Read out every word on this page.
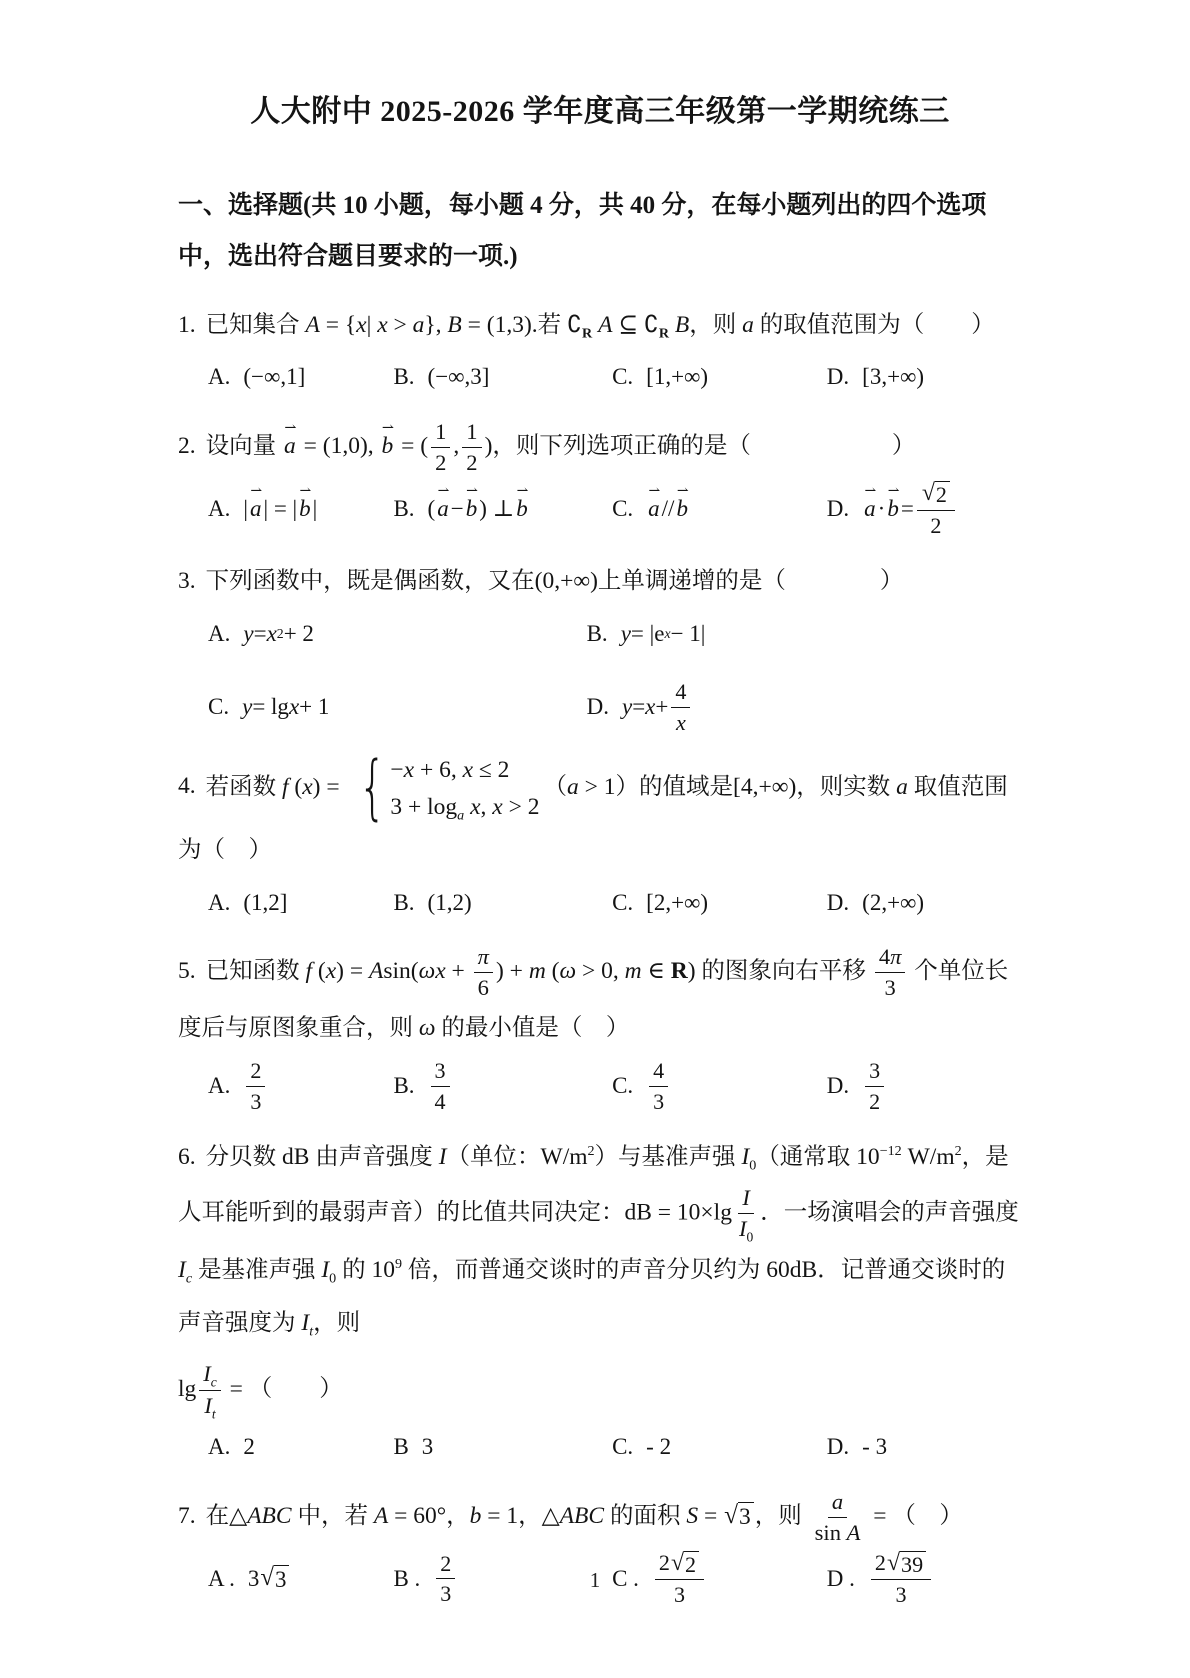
人大附中 2025-2026 学年度高三年级第一学期统练三
一、选择题(共 10 小题，每小题 4 分，共 40 分，在每小题列出的四个选项中，选出符合题目要求的一项.)
1. 已知集合 A = {x| x > a}, B = (1,3).若 $∁_R$ A ⊆ $∁_R$ B，则 a 的取值范围为（　　）
A. (−∞,1]	B. (−∞,3]	C. [1,+∞)	D. [3,+∞)
2. 设向量
⇀
a = (1,0),
⇀
b = ( $\frac{1}{2}$ , $\frac{1}{2}$ )，则下列选项正确的是（　　　　　　）
A. |
⇀
a | = |
⇀
b |	B. (
⇀
a −
⇀
b ) ⊥
⇀
b	C.
⇀
a //
⇀
b	D.
⇀
a ·
⇀
$b = \frac{√ 2}{2}$
3. 下列函数中，既是偶函数，又在(0,+∞)上单调递增的是（　　　　）
A. y = x 2 + 2	B. y = |e x − 1|
C. y = lg x + 1	D. $y = x + \frac{4}{x}$
4. 若函数 f (x) = { −x + 6, x ≤ 2
$3 + \log_a x$, x > 2
（a > 1）的值域是[4,+∞)，则实数 a 取值范围为（　）
A. (1,2]	B. (1,2)	C. [2,+∞)	D. (2,+∞)
5. 已知函数 f $(x) = Asin(\omega x + \frac{\pi}{6}$ ) + m (ω > 0, m ∈ R) 的图象向右平移 $\frac{4\pi}{3}$ 个单位长度后与原图象重合，则 ω 的最小值是（　）
A. $\frac{2}{3}$	B. $\frac{3}{4}$	C. $\frac{4}{3}$	D. $\frac{3}{2}$
6. 分贝数 dB 由声音强度 I（单位：$W/m^2$）与基准声强 $I_0$（通常取 $10^{-12}$ $W/m^2$，是人耳能听到的最弱声音）的比值共同决定：dB = $10\times\lg \frac{I}{I_0}$ ．一场演唱会的声音强度 $I_c$ 是基准声强 $I_0$ 的 $10^9$ 倍，而普通交谈时的声音分贝约为 60dB．记普通交谈时的声音强度为 $I_t$，则
$\lg \frac{I_c}{I_t}$ = （　　）
A. 2	B 3	C. - 2	D. - 3
7. 在△ABC 中，若 A = 60°，b = 1，△ABC 的面积 S = √ 3 ，则 $\frac{a}{\text{sin A}}$ = （　）
A . 3 √ 3	B . $\frac{2}{3}$	C . $\frac{2 √ 2}{3}$	D . $\frac{2 √ 39}{3}$
1
